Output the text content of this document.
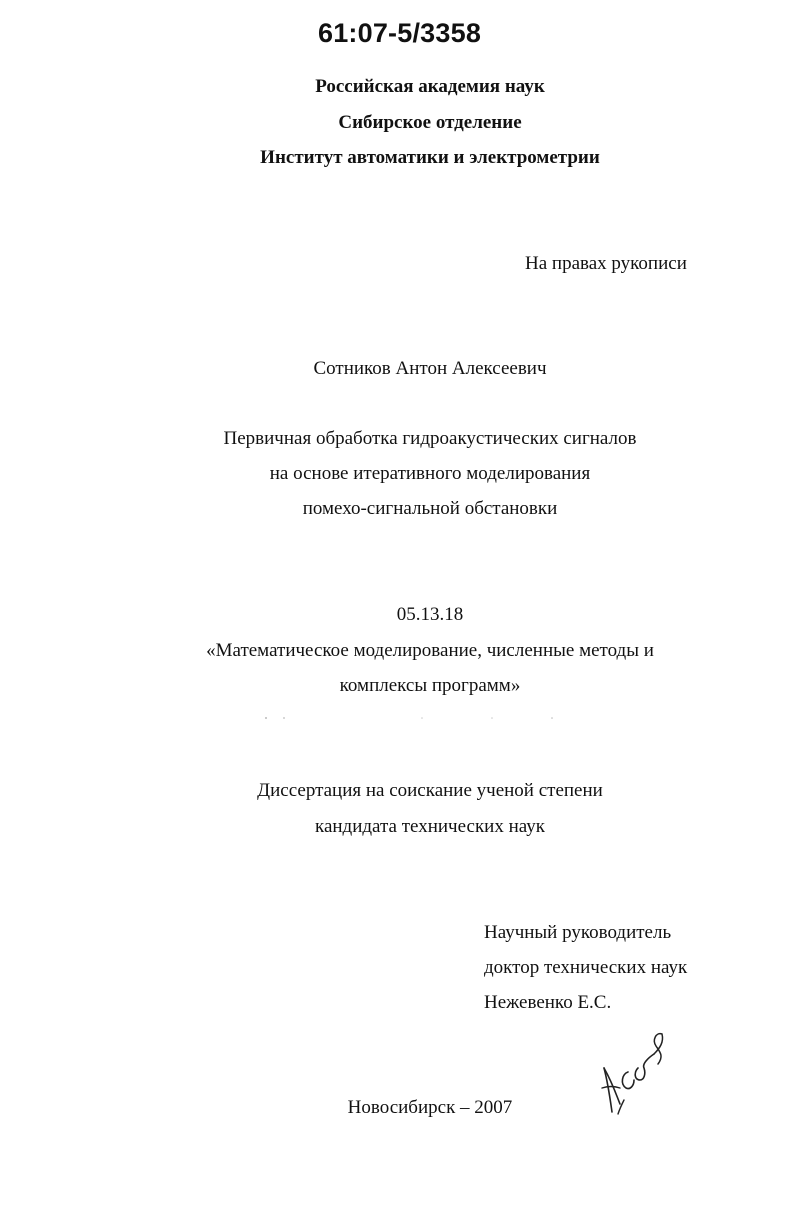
61:07-5/3358
Российская академия наук
Сибирское отделение
Институт автоматики и электрометрии
На правах рукописи
Сотников Антон Алексеевич
Первичная обработка гидроакустических сигналов
на основе итеративного моделирования
помехо-сигнальной обстановки
05.13.18
«Математическое моделирование, численные методы и
комплексы программ»
Диссертация на соискание ученой степени
кандидата технических наук
Научный руководитель
доктор технических наук
Нежевенко Е.С.
Новосибирск – 2007
